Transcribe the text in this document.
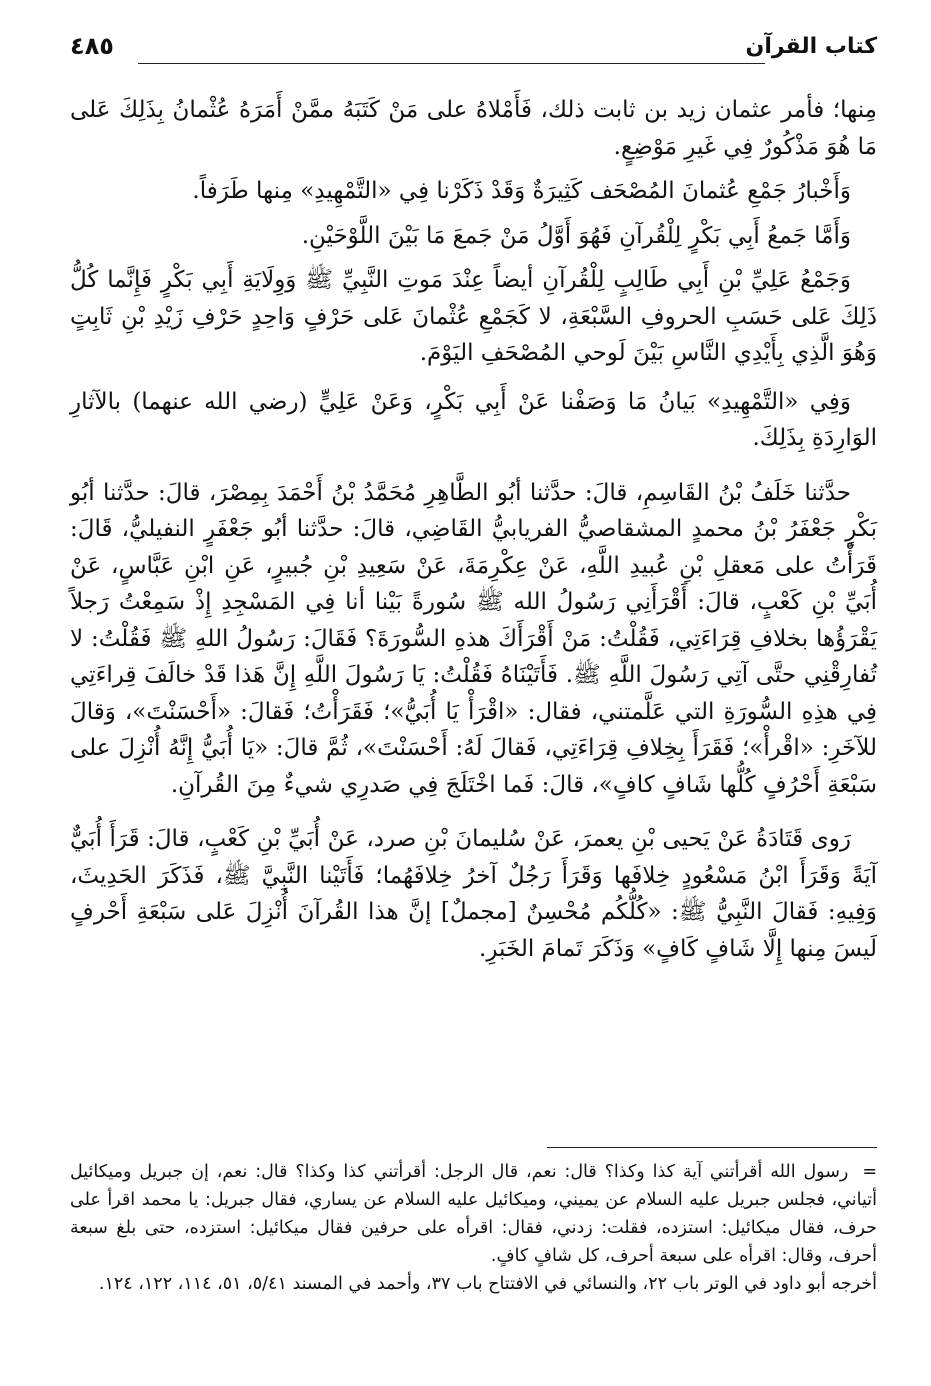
كتاب القرآن
٤٨٥

مِنها؛ فأمر عثمان زيد بن ثابت ذلك، فَأَمْلاهُ على مَنْ كَتَبَهُ ممَّنْ أَمَرَهُ عُثْمانُ بِذَلِكَ عَلى مَا هُوَ مَذْكُورٌ فِي غَيرِ مَوْضِعٍ.

وَأَخْبارُ جَمْعِ عُثمانَ المُصْحَف كَثِيرَةٌ وَقَدْ ذَكَرْنا فِي «التَّمْهِيدِ» مِنها طَرَفاً.

وَأَمَّا جَمعُ أَبِي بَكْرٍ لِلْقُرآنِ فَهُوَ أَوَّلُ مَنْ جَمعَ مَا بَيْنَ اللَّوْحَيْنِ.

وَجَمْعُ عَلِيِّ بْنِ أَبِي طَالِبٍ لِلْقُرآنِ أيضاً عِنْدَ مَوتِ النَّبِيِّ ﷺ وَوِلَايَةِ أَبِي بَكْرٍ فَإِنَّما كُلُّ ذَلِكَ عَلى حَسَبِ الحروفِ السَّبْعَةِ، لا كَجَمْعِ عُثْمانَ عَلى حَرْفٍ وَاحِدٍ حَرْفِ زَيْدِ بْنِ ثَابِتٍ وَهُوَ الَّذِي بِأَيْدِي النَّاسِ بَيْنَ لَوحي المُصْحَفِ اليَوْمَ.

وَفِي «التَّمْهِيدِ» بَيانُ مَا وَصَفْنا عَنْ أَبِي بَكْرٍ، وَعَنْ عَلِيٍّ (رضي الله عنهما) بالآثارِ الوَارِدَةِ بِذَلِكَ.

حدَّثنا خَلَفُ بْنُ القَاسِمِ، قالَ: حدَّثنا أبُو الطَّاهِرِ مُحَمَّدُ بْنُ أَحْمَدَ بِمِصْرَ، قالَ: حدَّثنا أبُو بَكْرٍ جَعْفَرُ بْنُ محمدٍ المشقاصيُّ الفريابيُّ القَاضِي، قالَ: حدَّثنا أبُو جَعْفَرٍ النفيليُّ، قَالَ: قَرَأْتُ على مَعقلِ بْنِ عُبيدِ اللَّهِ، عَنْ عِكْرِمَةَ، عَنْ سَعِيدِ بْنِ جُبيرٍ، عَنِ ابْنِ عَبَّاسٍ، عَنْ أُبَيِّ بْنِ كَعْبٍ، قالَ: أَقْرَأَنِي رَسُولُ الله ﷺ سُورةً بَيْنا أنا فِي المَسْجِدِ إِذْ سَمِعْتُ رَجلاً يَقْرَؤُها بخلافِ قِرَاءَتِي، فَقُلْتُ: مَنْ أَقْرَأَكَ هذهِ السُّورَةَ؟ فَقَالَ: رَسُولُ اللهِ ﷺ فَقُلْتُ: لا تُفارِقْنِي حتَّى آتِي رَسُولَ اللَّهِ ﷺ. فَأَتَيْنَاهُ فَقُلْتُ: يَا رَسُولَ اللَّهِ إِنَّ هَذا قَدْ خالَفَ قِراءَتِي فِي هذِهِ السُّورَةِ التي عَلَّمتني، فقال: «اقْرَأْ يَا أُبَيُّ»؛ فَقَرَأْتُ؛ فَقالَ: «أَحْسَنْتَ»، وَقالَ للآخَرِ: «اقْرأْ»؛ فَقَرَأَ بِخِلافِ قِرَاءَتِي، فَقالَ لَهُ: أَحْسَنْتَ»، ثُمَّ قالَ: «يَا أُبَيُّ إِنَّهُ أُنْزِلَ على سَبْعَةِ أَحْرُفٍ كُلُّها شَافٍ كافٍ»، قالَ: فَما اخْتَلَجَ فِي صَدرِي شيءٌ مِنَ القُرآنِ.

رَوى قَتَادَةُ عَنْ يَحيى بْنِ يعمرَ، عَنْ سُليمانَ بْنِ صرد، عَنْ أُبَيِّ بْنِ كَعْبٍ، قالَ: قَرَأَ أُبَيٌّ آيَةً وَقَرَأَ ابْنُ مَسْعُودٍ خِلافَها وَقَرَأَ رَجُلٌ آخرُ خِلافَهُما؛ فَأَتَيْنا النَّبِيَّ ﷺ، فَذَكَرَ الحَدِيثَ، وَفِيهِ: فَقالَ النَّبِيُّ ﷺ: «كُلُّكُم مُحْسِنٌ [مجملٌ] إنَّ هذا القُرآنَ أُنْزِلَ عَلى سَبْعَةِ أَحْرفٍ لَيسَ مِنها إِلَّا شَافٍ كَافٍ» وَذَكَرَ تَمامَ الخَبَرِ.

=رسول الله أقرأتني آية كذا وكذا؟ قال: نعم، قال الرجل: أقرأتني كذا وكذا؟ قال: نعم، إن جبريل وميكائيل أتياني، فجلس جبريل عليه السلام عن يميني، وميكائيل عليه السلام عن يساري، فقال جبريل: يا محمد اقرأ على حرف، فقال ميكائيل: استزده، فقلت: زدني، فقال: اقرأه على حرفين فقال ميكائيل: استزده، حتى بلغ سبعة أحرف، وقال: اقرأه على سبعة أحرف، كل شافٍ كافٍ.

أخرجه أبو داود في الوتر باب ٢٢، والنسائي في الافتتاح باب ٣٧، وأحمد في المسند ٥/٤١، ٥١، ١١٤، ١٢٢، ١٢٤.
